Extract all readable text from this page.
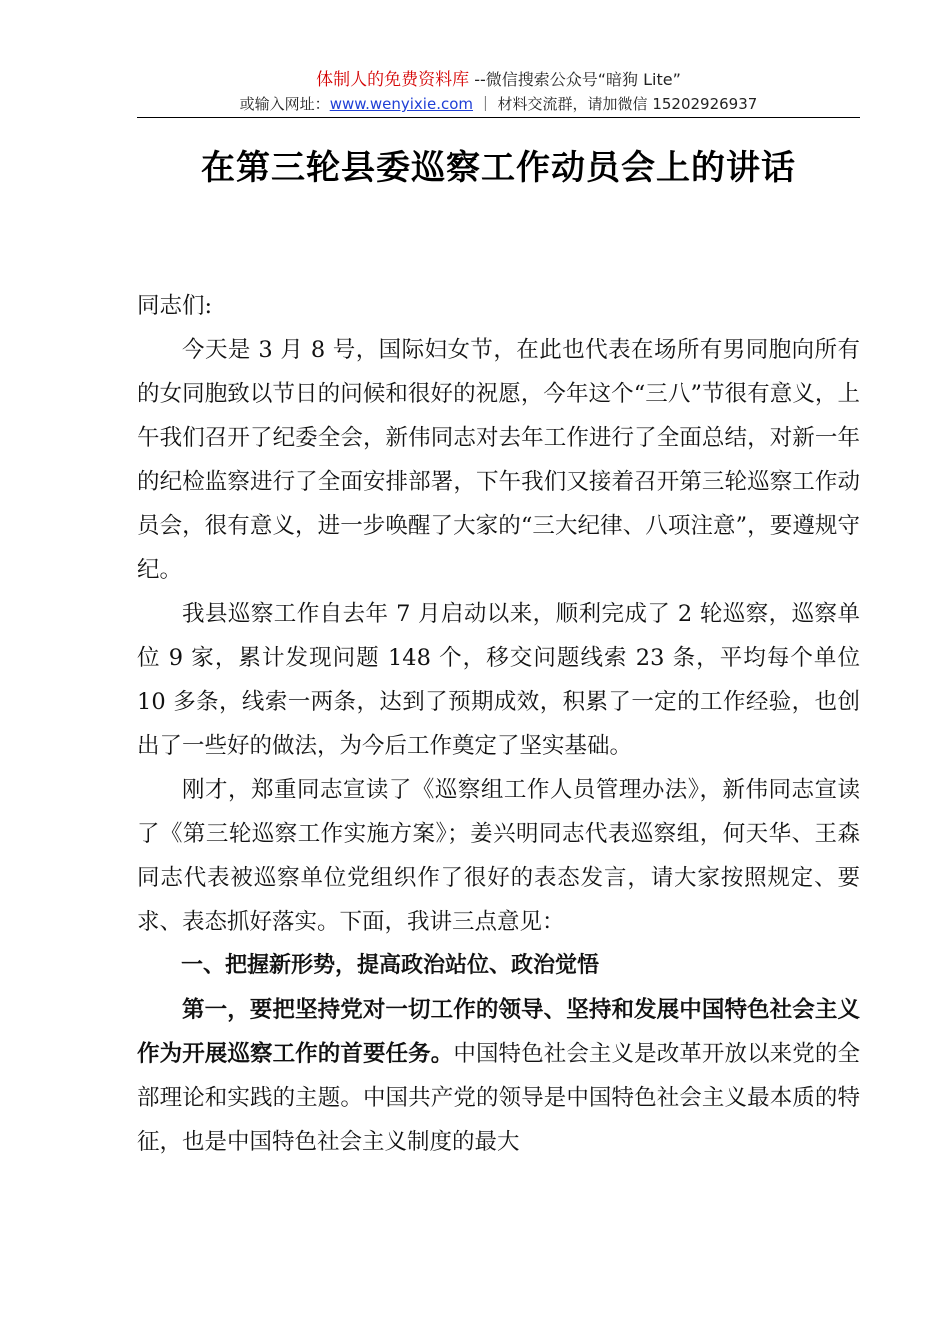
体制人的免费资料库 --微信搜索公众号“暗狗 Lite”
或输入网址：www.wenyixie.com ｜ 材料交流群，请加微信 15202926937
在第三轮县委巡察工作动员会上的讲话

同志们:

今天是 3 月 8 号，国际妇女节，在此也代表在场所有男同胞向所有的女同胞致以节日的问候和很好的祝愿，今年这个“三八”节很有意义，上午我们召开了纪委全会，新伟同志对去年工作进行了全面总结，对新一年的纪检监察进行了全面安排部署，下午我们又接着召开第三轮巡察工作动员会，很有意义，进一步唤醒了大家的“三大纪律、八项注意”，要遵规守纪。

我县巡察工作自去年 7 月启动以来，顺利完成了 2 轮巡察，巡察单位 9 家，累计发现问题 148 个，移交问题线索 23 条，平均每个单位 10 多条，线索一两条，达到了预期成效，积累了一定的工作经验，也创出了一些好的做法，为今后工作奠定了坚实基础。

刚才，郑重同志宣读了《巡察组工作人员管理办法》，新伟同志宣读了《第三轮巡察工作实施方案》；姜兴明同志代表巡察组，何天华、王森同志代表被巡察单位党组织作了很好的表态发言，请大家按照规定、要求、表态抓好落实。下面，我讲三点意见：

一、把握新形势，提高政治站位、政治觉悟

第一，要把坚持党对一切工作的领导、坚持和发展中国特色社会主义作为开展巡察工作的首要任务。中国特色社会主义是改革开放以来党的全部理论和实践的主题。中国共产党的领导是中国特色社会主义最本质的特征，也是中国特色社会主义制度的最大
